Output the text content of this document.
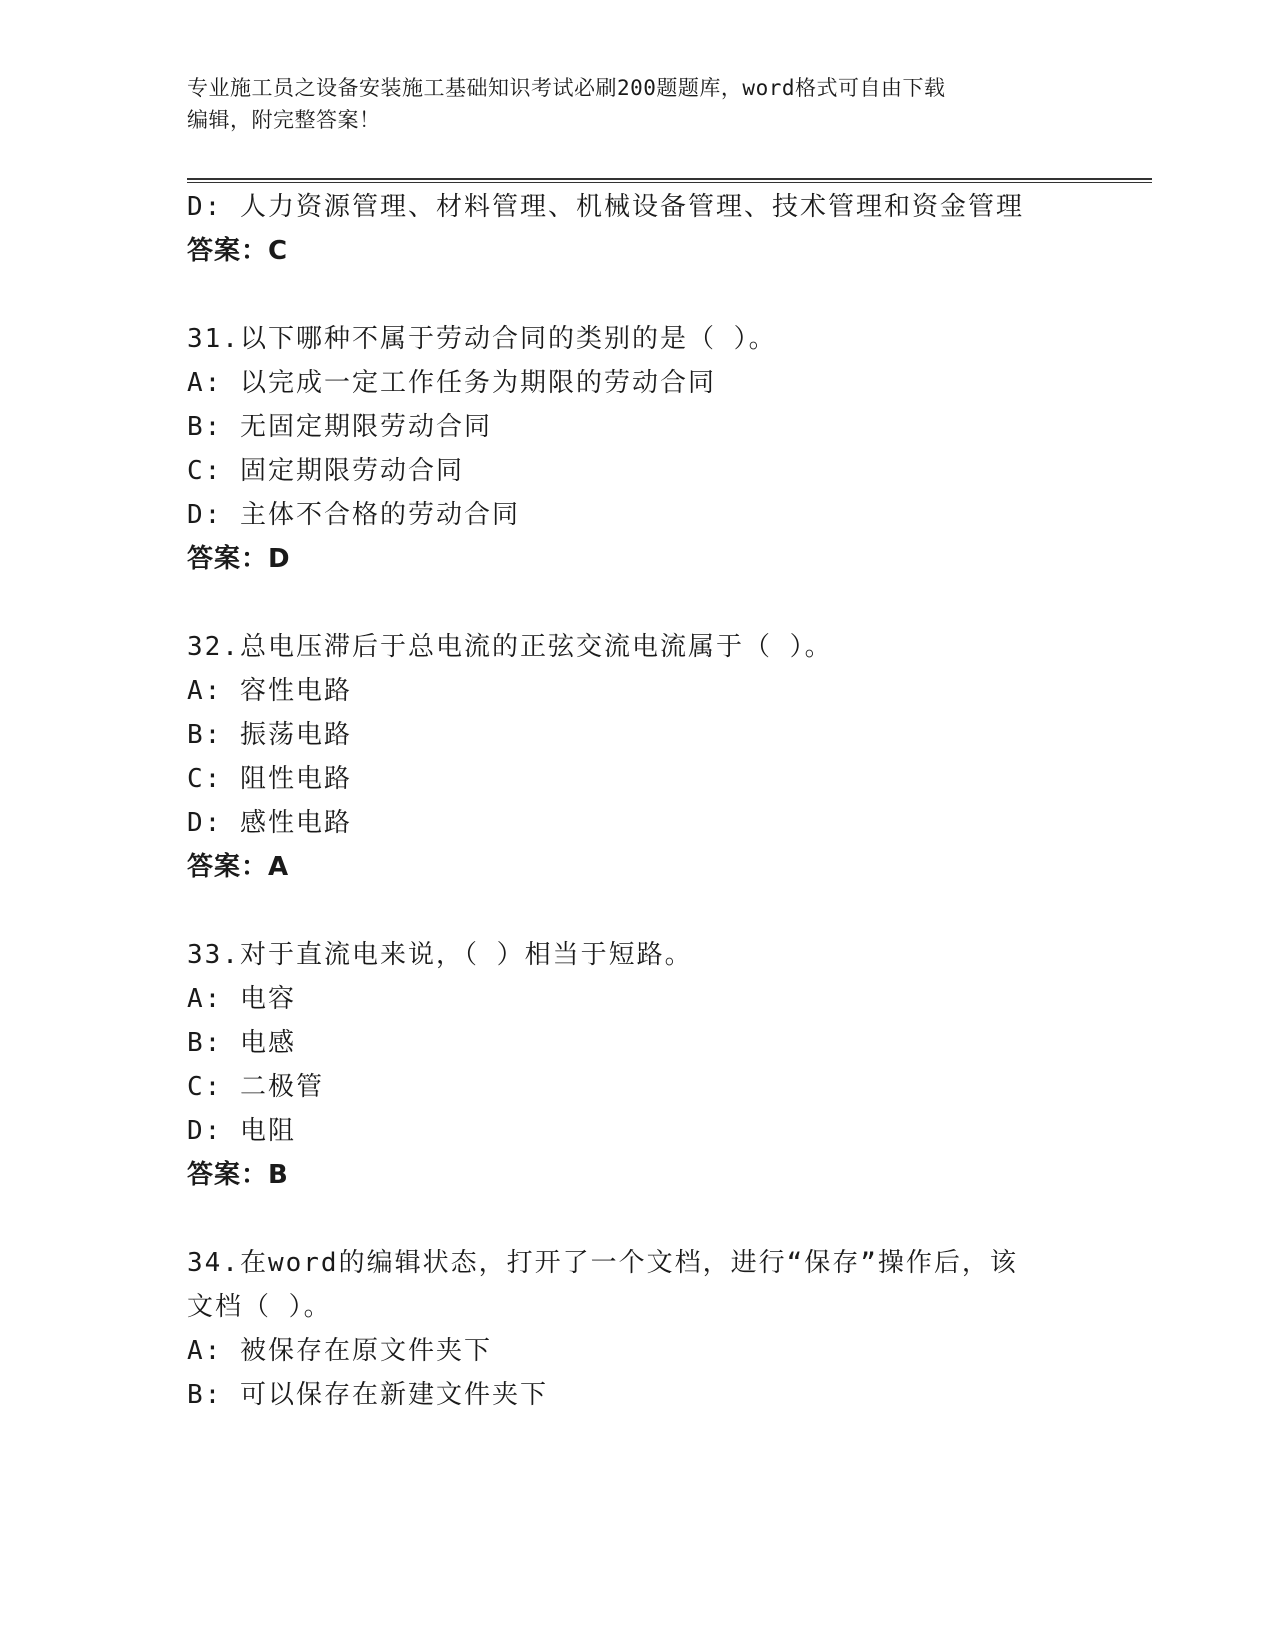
专业施工员之设备安装施工基础知识考试必刷200题题库，word格式可自由下载
编辑，附完整答案！
D: 人力资源管理、材料管理、机械设备管理、技术管理和资金管理
答案：C
31.以下哪种不属于劳动合同的类别的是（ ）。
A: 以完成一定工作任务为期限的劳动合同
B: 无固定期限劳动合同
C: 固定期限劳动合同
D: 主体不合格的劳动合同
答案：D
32.总电压滞后于总电流的正弦交流电流属于（ ）。
A: 容性电路
B: 振荡电路
C: 阻性电路
D: 感性电路
答案：A
33.对于直流电来说，（ ）相当于短路。
A: 电容
B: 电感
C: 二极管
D: 电阻
答案：B
34.在word的编辑状态，打开了一个文档，进行“保存”操作后，该
文档（ ）。
A: 被保存在原文件夹下
B: 可以保存在新建文件夹下
